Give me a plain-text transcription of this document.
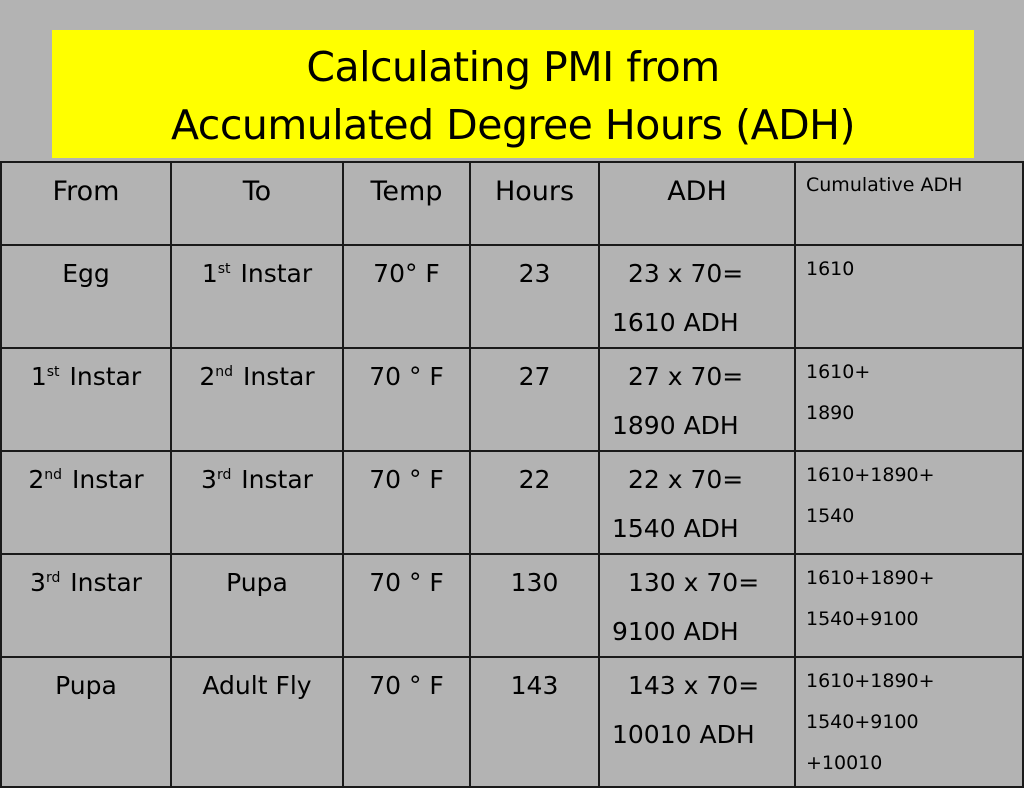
Calculating PMI from
Accumulated Degree Hours (ADH)
From	To	Temp	Hours	ADH	Cumulative ADH

Egg	1st Instar	70° F	23	23 x 70=
1610 ADH	1610

1st Instar	2nd Instar	70 ° F	27	27 x 70=
1890 ADH	1610+
1890

2nd Instar	3rd Instar	70 ° F	22	22 x 70=
1540 ADH	1610+1890+
1540

3rd Instar	Pupa	70 ° F	130	130 x 70=
9100 ADH	1610+1890+
1540+9100

Pupa	Adult Fly	70 ° F	143	143 x 70=
10010 ADH	1610+1890+
1540+9100
+10010
